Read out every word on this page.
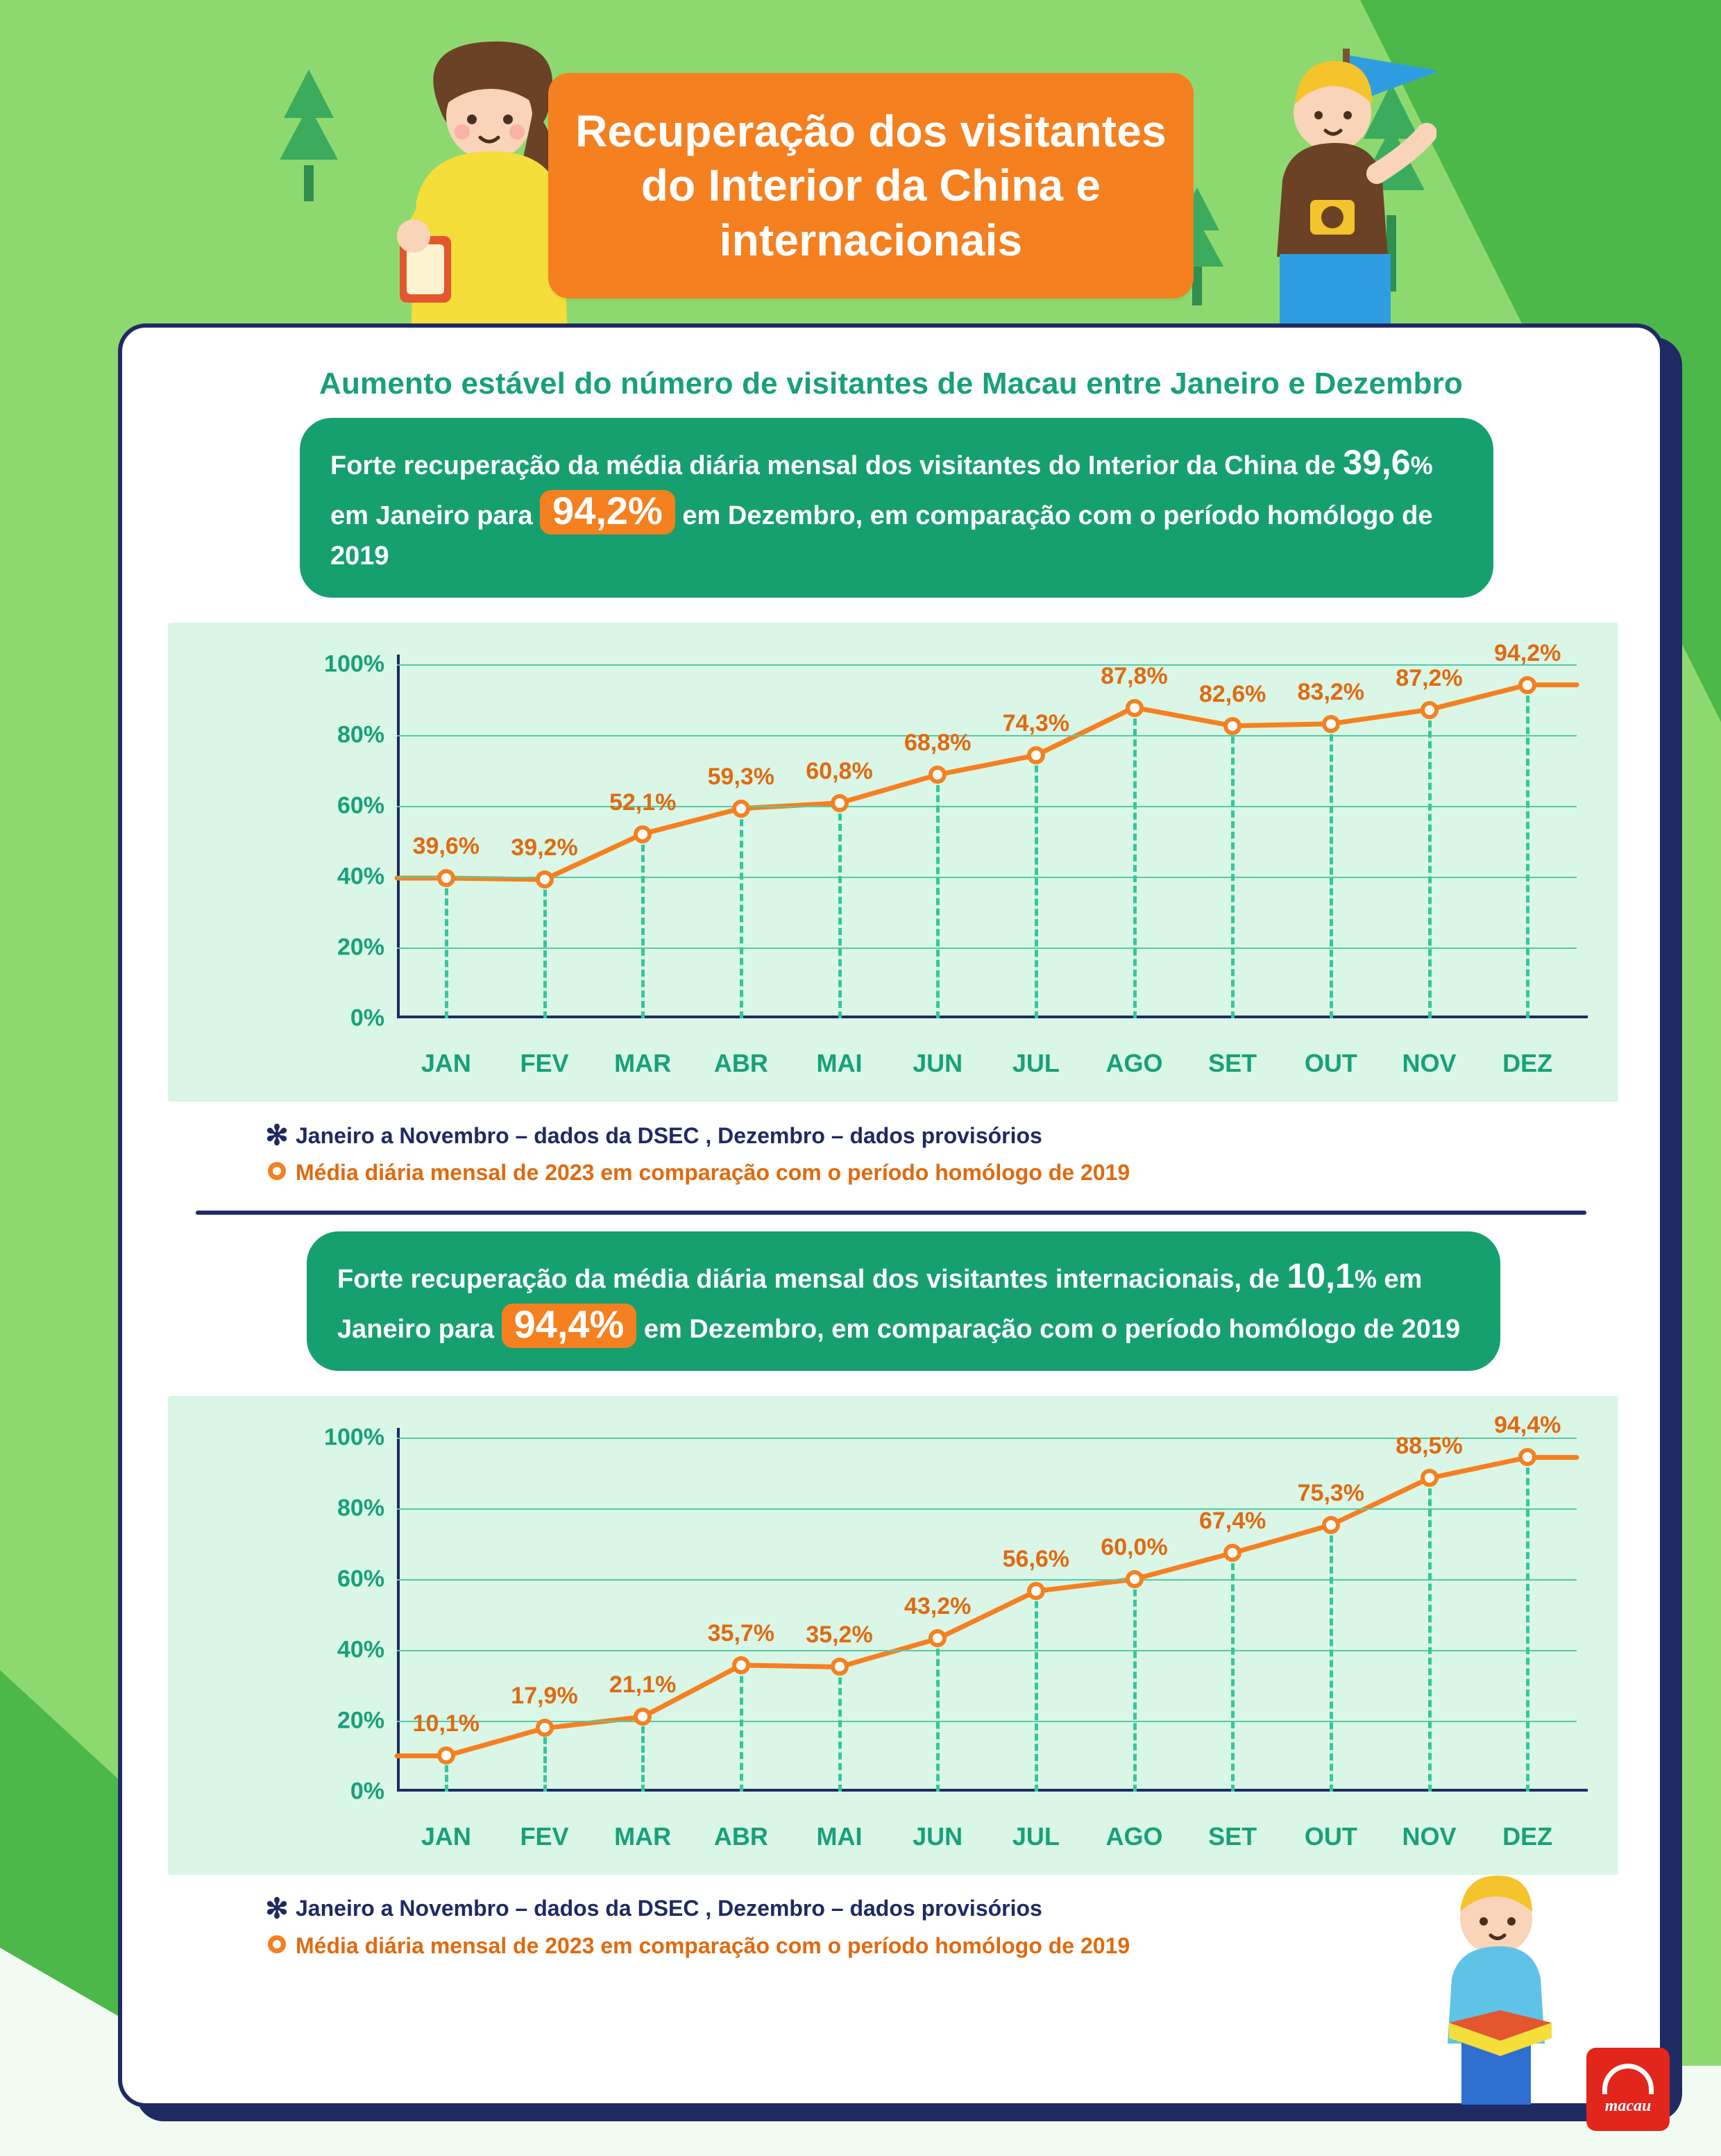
Recuperação dos visitantes do Interior da China e internacionais
Aumento estável do número de visitantes de Macau entre Janeiro e Dezembro
Forte recuperação da média diária mensal dos visitantes do Interior da China de 39,6% em Janeiro para 94,2% em Dezembro, em comparação com o período homólogo de 2019
0%
20%
40%
60%
80%
100%
JAN FEV MAR ABR MAI JUN JUL AGO SET OUT NOV DEZ
39,6% 39,2%
52,1%
59,3% 60,8%
68,8%
74,3%
87,8%
82,6% 83,2%
87,2%
94,2%
✻ Janeiro a Novembro – dados da DSEC , Dezembro – dados provisórios
Média diária mensal de 2023 em comparação com o período homólogo de 2019
Forte recuperação da média diária mensal dos visitantes internacionais, de 10,1% em Janeiro para 94,4% em Dezembro, em comparação com o período homólogo de 2019
0%
20%
40%
60%
80%
100%
JAN FEV MAR ABR MAI JUN JUL AGO SET OUT NOV DEZ
10,1%
17,9% 21,1%
35,7% 35,2%
43,2%
56,6% 60,0%
67,4%
75,3%
88,5%
94,4%
✻ Janeiro a Novembro – dados da DSEC , Dezembro – dados provisórios
Média diária mensal de 2023 em comparação com o período homólogo de 2019
macau
